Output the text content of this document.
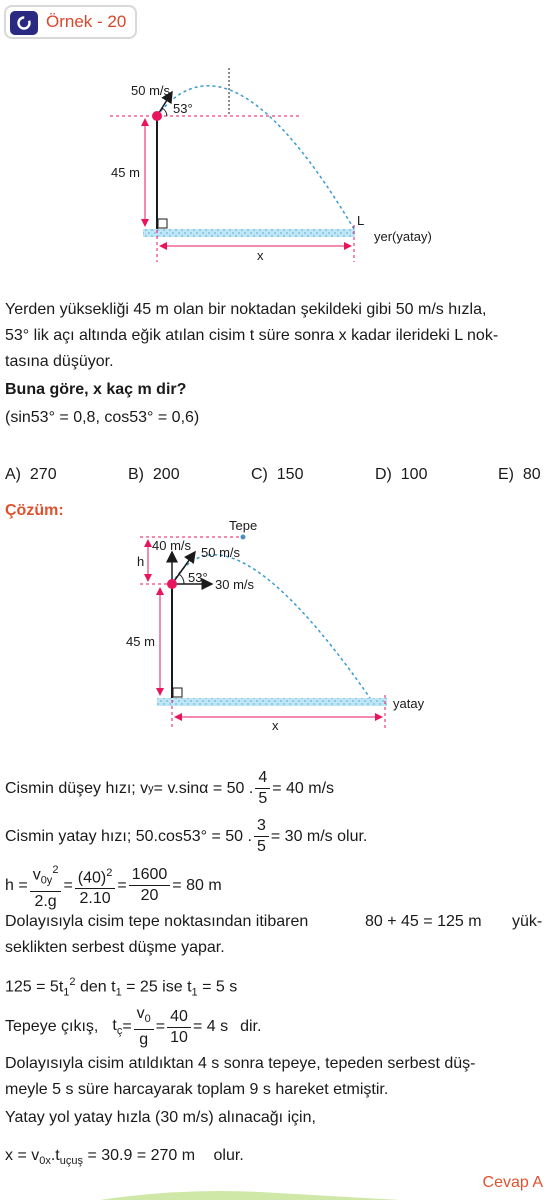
Örnek - 20
50 m/s
53°
45 m
L
yer(yatay)
x
Yerden yüksekliği 45 m olan bir noktadan şekildeki gibi 50 m/s hızla,
53° lik açı altında eğik atılan cisim t süre sonra x kadar ilerideki L nok-
tasına düşüyor.
Buna göre, x kaç m dir?
(sin53° = 0,8, cos53° = 0,6)
A) 270	B) 200	C) 150	D) 100	E) 80
Çözüm:
Tepe
40 m/s 50 m/s
53° 30 m/s
h
45 m
yatay
x
Cismin düşey hızı; v y = v.sinα = 50 . $\frac{4}{5} = 40$ m/s
Cismin yatay hızı; 50.cos53° = 50 . $\frac{3}{5} = 30$ m/s olur.
$h = \frac{v_{0y}^2}{2.g} = \frac{(40)^2}{2.10} = \frac{1600}{20} = 80$ m
Dolayısıyla cisim tepe noktasından itibaren	80 + 45 = 125 m yük-
seklikten serbest düşme yapar.
$125 = 5t_1^2$ den $t_1 = 25$ ise $t_1 = 5$ s
Tepeye çıkış, $t_ç = \frac{v_0}{g} = \frac{40}{10} = 4$ s dir.
Dolayısıyla cisim atıldıktan 4 s sonra tepeye, tepeden serbest düş-
meyle 5 s süre harcayarak toplam 9 s hareket etmiştir.
Yatay yol yatay hızla (30 m/s) alınacağı için,
$x = v_{0x}.t_{uçuş} = 30.9 = 270$ m olur.
Cevap A
